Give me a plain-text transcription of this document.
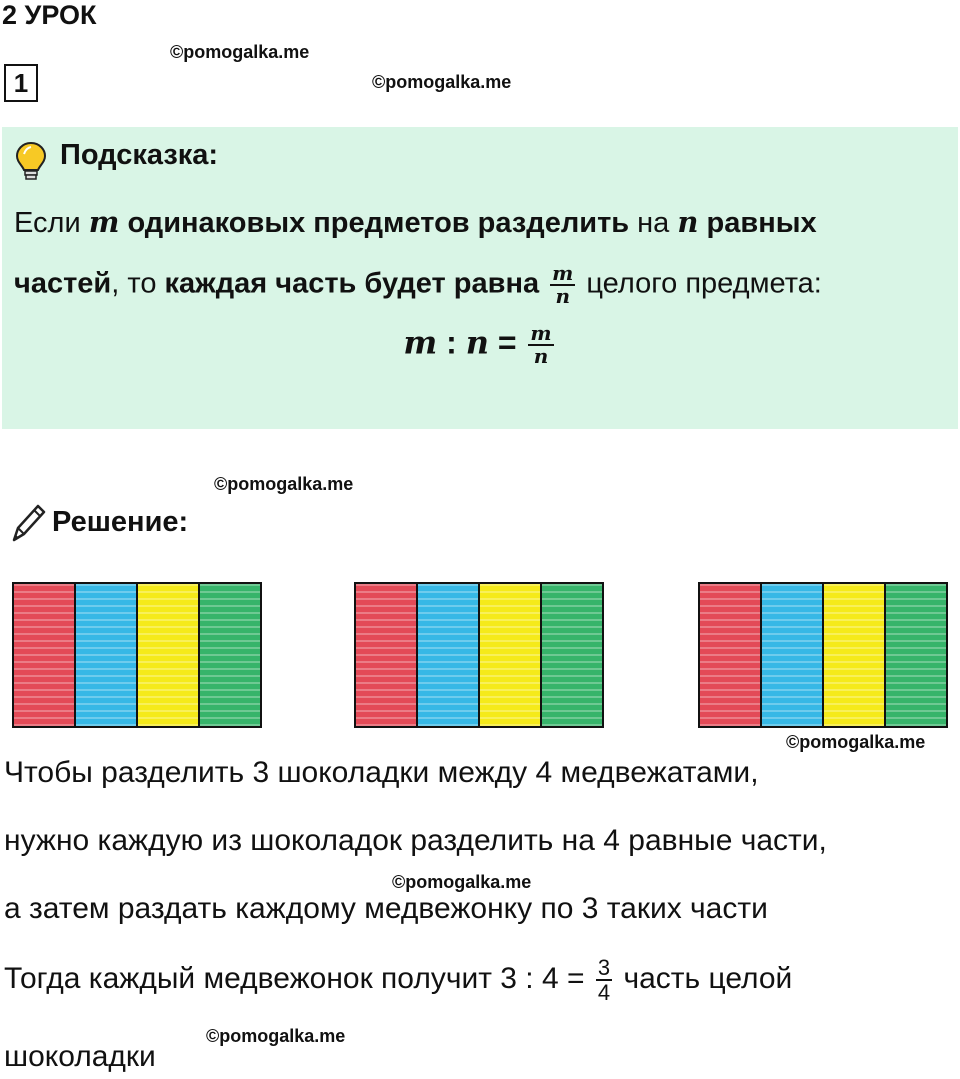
2 УРОК
©pomogalka.me
1	©pomogalka.me
Подсказка:
Если m одинаковых предметов разделить на n равных
частей, то каждая часть будет равна $\frac{m}{n}$ целого предмета:
m : $n = \frac{m}{n}$
©pomogalka.me
Решение:
©pomogalka.me
Чтобы разделить 3 шоколадки между 4 медвежатами,
нужно каждую из шоколадок разделить на 4 равные части,
©pomogalka.me
а затем раздать каждому медвежонку по 3 таких части
Тогда каждый медвежонок получит 3 : $4 = \frac{3}{4}$ часть целой
©pomogalka.me
шоколадки
